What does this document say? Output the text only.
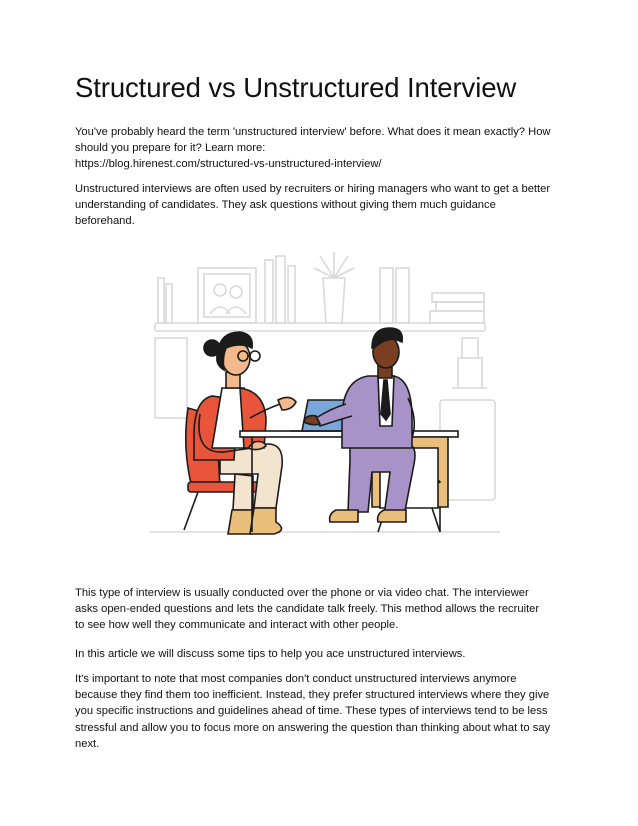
Structured vs Unstructured Interview

You've probably heard the term 'unstructured interview' before. What does it mean exactly? How
should you prepare for it? Learn more:
https://blog.hirenest.com/structured-vs-unstructured-interview/

Unstructured interviews are often used by recruiters or hiring managers who want to get a better
understanding of candidates. They ask questions without giving them much guidance
beforehand.

This type of interview is usually conducted over the phone or via video chat. The interviewer
asks open-ended questions and lets the candidate talk freely. This method allows the recruiter
to see how well they communicate and interact with other people.

In this article we will discuss some tips to help you ace unstructured interviews.

It's important to note that most companies don't conduct unstructured interviews anymore
because they find them too inefficient. Instead, they prefer structured interviews where they give
you specific instructions and guidelines ahead of time. These types of interviews tend to be less
stressful and allow you to focus more on answering the question than thinking about what to say
next.
